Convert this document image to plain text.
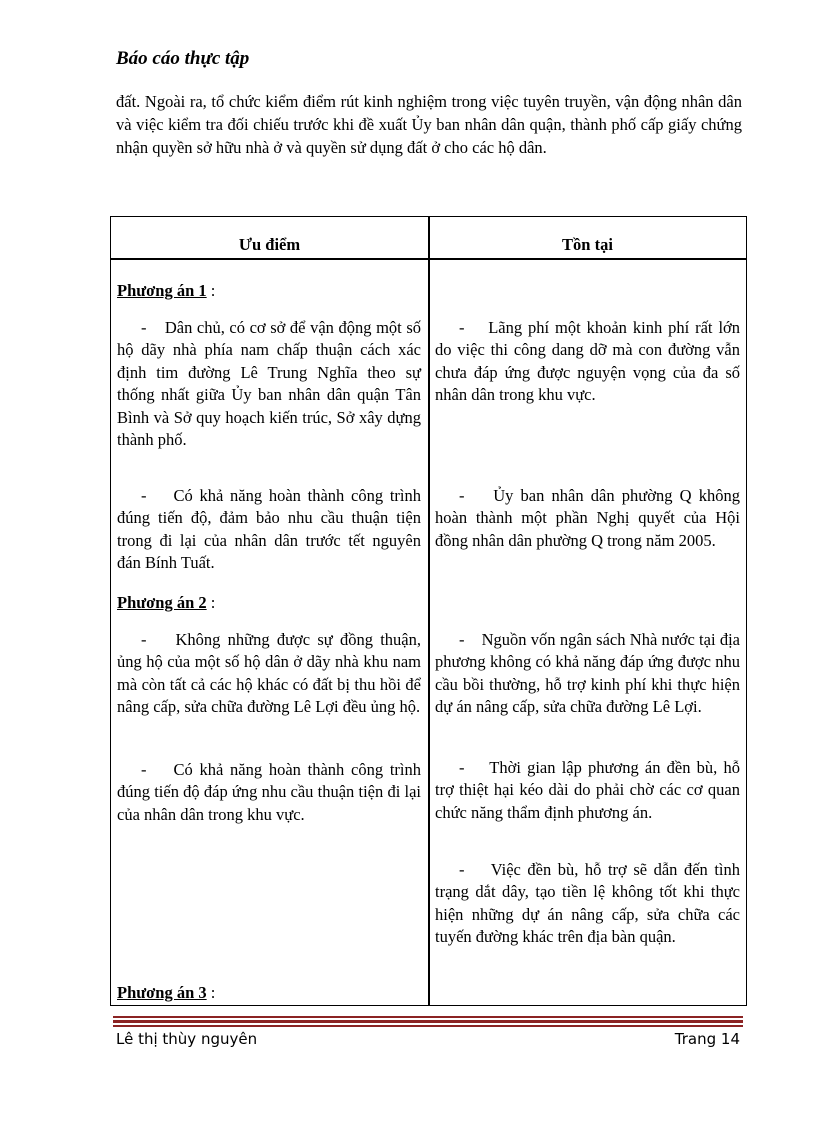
Báo cáo thực tập
đất. Ngoài ra, tổ chức kiểm điểm rút kinh nghiệm trong việc tuyên truyền, vận động nhân dân và việc kiểm tra đối chiếu trước khi đề xuất Ủy ban nhân dân quận, thành phố cấp giấy chứng nhận quyền sở hữu nhà ở và quyền sử dụng đất ở cho các hộ dân.
Ưu điểm	Tồn tại
Phương án 1 :
- Dân chủ, có cơ sở để vận động một số hộ dãy nhà phía nam chấp thuận cách xác định tim đường Lê Trung Nghĩa theo sự thống nhất giữa Ủy ban nhân dân quận Tân Bình và Sở quy hoạch kiến trúc, Sở xây dựng thành phố.
- Có khả năng hoàn thành công trình đúng tiến độ, đảm bảo nhu cầu thuận tiện trong đi lại của nhân dân trước tết nguyên đán Bính Tuất.
Phương án 2 :
- Không những được sự đồng thuận, ủng hộ của một số hộ dân ở dãy nhà khu nam mà còn tất cả các hộ khác có đất bị thu hồi để nâng cấp, sửa chữa đường Lê Lợi đều ủng hộ.
- Có khả năng hoàn thành công trình đúng tiến độ đáp ứng nhu cầu thuận tiện đi lại của nhân dân trong khu vực.
Phương án 3 :
- Lãng phí một khoản kinh phí rất lớn do việc thi công dang dỡ mà con đường vẫn chưa đáp ứng được nguyện vọng của đa số nhân dân trong khu vực.
- Ủy ban nhân dân phường Q không hoàn thành một phần Nghị quyết của Hội đồng nhân dân phường Q trong năm 2005.
- Nguồn vốn ngân sách Nhà nước tại địa phương không có khả năng đáp ứng được nhu cầu bồi thường, hỗ trợ kinh phí khi thực hiện dự án nâng cấp, sửa chữa đường Lê Lợi.
- Thời gian lập phương án đền bù, hỗ trợ thiệt hại kéo dài do phải chờ các cơ quan chức năng thẩm định phương án.
- Việc đền bù, hỗ trợ sẽ dẫn đến tình trạng dắt dây, tạo tiền lệ không tốt khi thực hiện những dự án nâng cấp, sửa chữa các tuyến đường khác trên địa bàn quận.
Lê thị thùy nguyên	Trang 14
